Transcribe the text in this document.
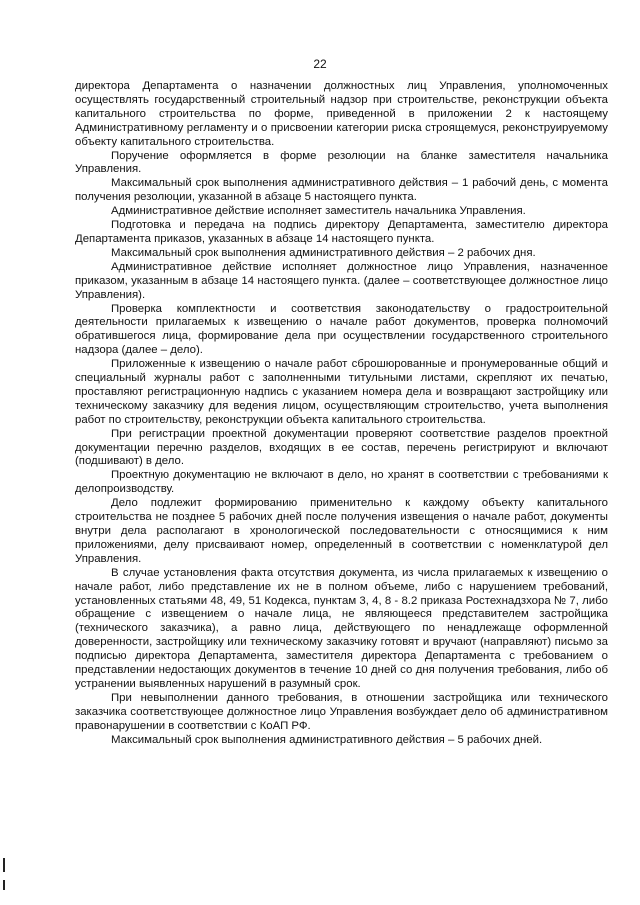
22

директора Департамента о назначении должностных лиц Управления, уполномоченных осуществлять государственный строительный надзор при строительстве, реконструкции объекта капитального строительства по форме, приведенной в приложении 2 к настоящему Административному регламенту и о присвоении категории риска строящемуся, реконструируемому объекту капитального строительства.

Поручение оформляется в форме резолюции на бланке заместителя начальника Управления.

Максимальный срок выполнения административного действия – 1 рабочий день, с момента получения резолюции, указанной в абзаце 5 настоящего пункта.

Административное действие исполняет заместитель начальника Управления.

Подготовка и передача на подпись директору Департамента, заместителю директора Департамента приказов, указанных в абзаце 14 настоящего пункта.

Максимальный срок выполнения административного действия – 2 рабочих дня.

Административное действие исполняет должностное лицо Управления, назначенное приказом, указанным в абзаце 14 настоящего пункта. (далее – соответствующее должностное лицо Управления).

Проверка комплектности и соответствия законодательству о градостроительной деятельности прилагаемых к извещению о начале работ документов, проверка полномочий обратившегося лица, формирование дела при осуществлении государственного строительного надзора (далее – дело).

Приложенные к извещению о начале работ сброшюрованные и пронумерованные общий и специальный журналы работ с заполненными титульными листами, скрепляют их печатью, проставляют регистрационную надпись с указанием номера дела и возвращают застройщику или техническому заказчику для ведения лицом, осуществляющим строительство, учета выполнения работ по строительству, реконструкции объекта капитального строительства.

При регистрации проектной документации проверяют соответствие разделов проектной документации перечню разделов, входящих в ее состав, перечень регистрируют и включают (подшивают) в дело.

Проектную документацию не включают в дело, но хранят в соответствии с требованиями к делопроизводству.

Дело подлежит формированию применительно к каждому объекту капитального строительства не позднее 5 рабочих дней после получения извещения о начале работ, документы внутри дела располагают в хронологической последовательности с относящимися к ним приложениями, делу присваивают номер, определенный в соответствии с номенклатурой дел Управления.

В случае установления факта отсутствия документа, из числа прилагаемых к извещению о начале работ, либо представление их не в полном объеме, либо с нарушением требований, установленных статьями 48, 49, 51 Кодекса, пунктам 3, 4, 8 - 8.2 приказа Ростехнадзхора № 7, либо обращение с извещением о начале лица, не являющееся представителем застройщика (технического заказчика), а равно лица, действующего по ненадлежаще оформленной доверенности, застройщику или техническому заказчику готовят и вручают (направляют) письмо за подписью директора Департамента, заместителя директора Департамента с требованием о представлении недостающих документов в течение 10 дней со дня получения требования, либо об устранении выявленных нарушений в разумный срок.

При невыполнении данного требования, в отношении застройщика или технического заказчика соответствующее должностное лицо Управления возбуждает дело об административном правонарушении в соответствии с КоАП РФ.

Максимальный срок выполнения административного действия – 5 рабочих дней.
